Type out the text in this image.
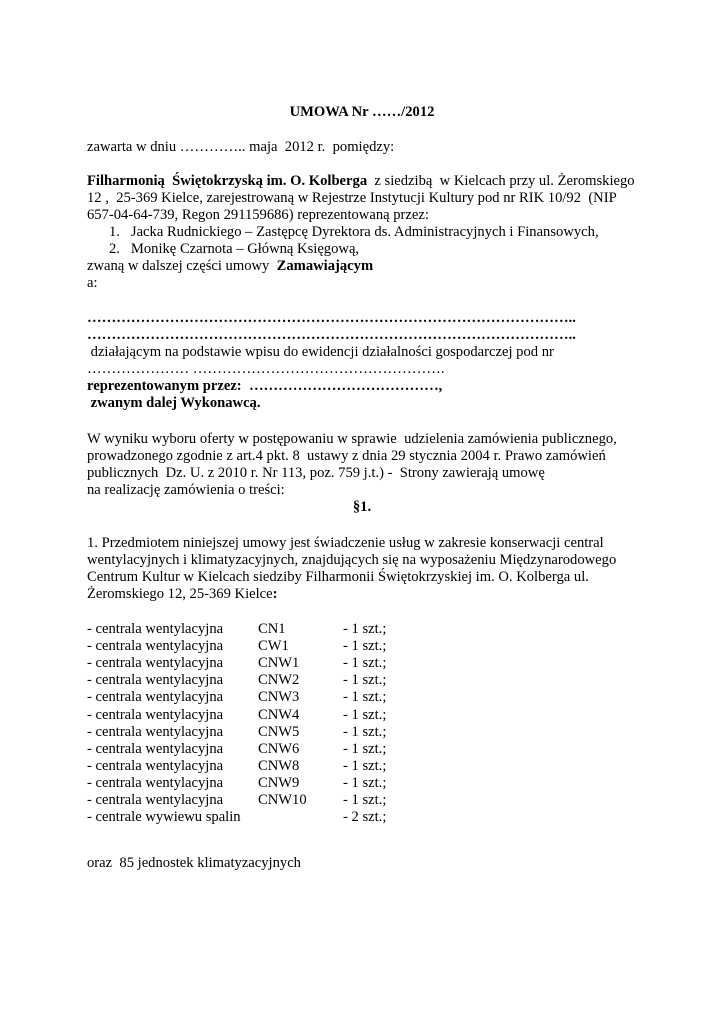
UMOWA Nr ……/2012
zawarta w dniu ………….. maja  2012 r.  pomiędzy:
Filharmonią  Świętokrzyską im. O. Kolberga  z siedzibą  w Kielcach przy ul. Żeromskiego
12 ,  25-369 Kielce, zarejestrowaną w Rejestrze Instytucji Kultury pod nr RIK 10/92  (NIP
657-04-64-739, Regon 291159686) reprezentowaną przez:
1.   Jacka Rudnickiego – Zastępcę Dyrektora ds. Administracyjnych i Finansowych,
2.   Monikę Czarnota – Główną Księgową,
zwaną w dalszej części umowy  Zamawiającym
a:
………………………………………………………………………………………..
………………………………………………………………………………………..
działającym na podstawie wpisu do ewidencji działalności gospodarczej pod nr
………………… …………………………………………….
reprezentowanym przez:  …………………………………,
zwanym dalej Wykonawcą.
W wyniku wyboru oferty w postępowaniu w sprawie  udzielenia zamówienia publicznego,
prowadzonego zgodnie z art.4 pkt. 8  ustawy z dnia 29 stycznia 2004 r. Prawo zamówień
publicznych  Dz. U. z 2010 r. Nr 113, poz. 759 j.t.) -  Strony zawierają umowę
na realizację zamówienia o treści:
§1.
1. Przedmiotem niniejszej umowy jest świadczenie usług w zakresie konserwacji central
wentylacyjnych i klimatyzacyjnych, znajdujących się na wyposażeniu Międzynarodowego
Centrum Kultur w Kielcach siedziby Filharmonii Świętokrzyskiej im. O. Kolberga ul.
Żeromskiego 12, 25-369 Kielce:
- centrala wentylacyjna CN1	- 1 szt.;
- centrala wentylacyjna CW1	- 1 szt.;
- centrala wentylacyjna CNW1	- 1 szt.;
- centrala wentylacyjna CNW2	- 1 szt.;
- centrala wentylacyjna CNW3	- 1 szt.;
- centrala wentylacyjna CNW4	- 1 szt.;
- centrala wentylacyjna CNW5	- 1 szt.;
- centrala wentylacyjna CNW6	- 1 szt.;
- centrala wentylacyjna CNW8	- 1 szt.;
- centrala wentylacyjna CNW9	- 1 szt.;
- centrala wentylacyjna CNW10 - 1 szt.;
- centrale wywiewu spalin	- 2 szt.;
oraz  85 jednostek klimatyzacyjnych
